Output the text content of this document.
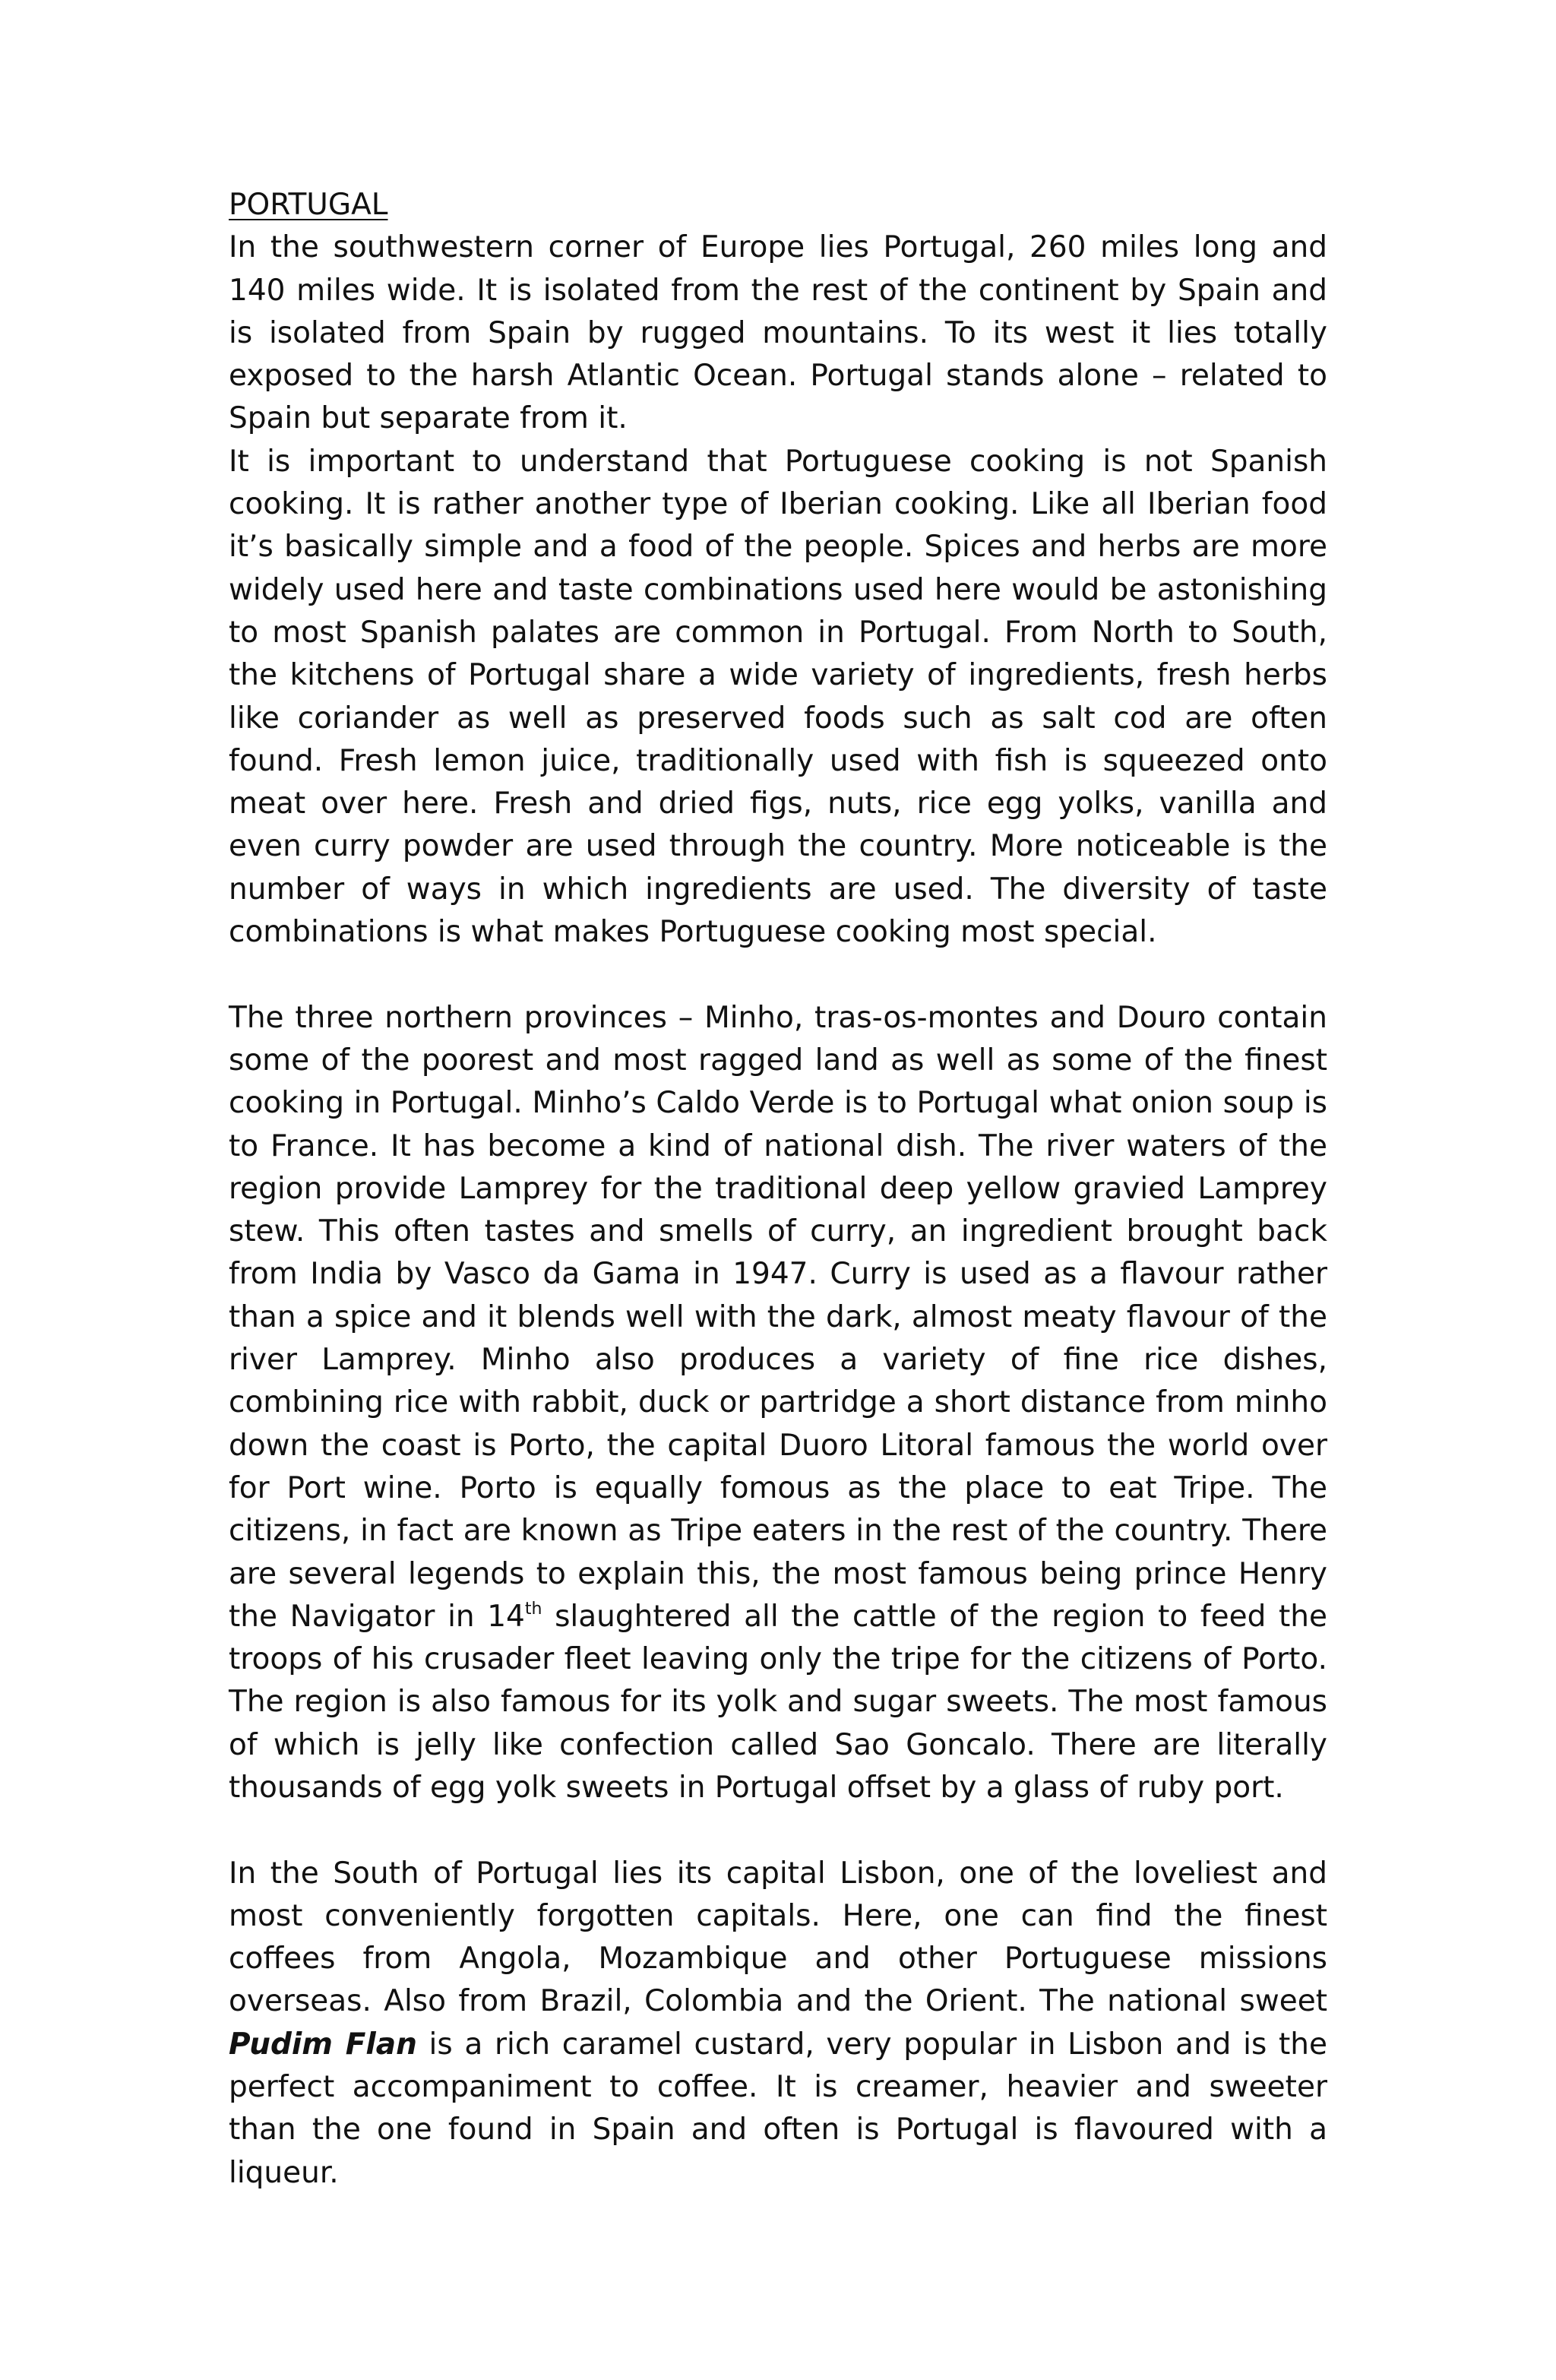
PORTUGAL

In the southwestern corner of Europe lies Portugal, 260 miles long and 140 miles wide. It is isolated from the rest of the continent by Spain and is isolated from Spain by rugged mountains. To its west it lies totally exposed to the harsh Atlantic Ocean. Portugal stands alone – related to Spain but separate from it.

It is important to understand that Portuguese cooking is not Spanish cooking. It is rather another type of Iberian cooking. Like all Iberian food it’s basically simple and a food of the people. Spices and herbs are more widely used here and taste combinations used here would be astonishing to most Spanish palates are common in Portugal. From North to South, the kitchens of Portugal share a wide variety of ingredients, fresh herbs like coriander as well as preserved foods such as salt cod are often found. Fresh lemon juice, traditionally used with fish is squeezed onto meat over here. Fresh and dried figs, nuts, rice egg yolks, vanilla and even curry powder are used through the country. More noticeable is the number of ways in which ingredients are used. The diversity of taste combinations is what makes Portuguese cooking most special.

The three northern provinces – Minho, tras-os-montes and Douro contain some of the poorest and most ragged land as well as some of the finest cooking in Portugal. Minho’s Caldo Verde is to Portugal what onion soup is to France. It has become a kind of national dish. The river waters of the region provide Lamprey for the traditional deep yellow gravied Lamprey stew. This often tastes and smells of curry, an ingredient brought back from India by Vasco da Gama in 1947. Curry is used as a flavour rather than a spice and it blends well with the dark, almost meaty flavour of the river Lamprey. Minho also produces a variety of fine rice dishes, combining rice with rabbit, duck or partridge a short distance from minho down the coast is Porto, the capital Duoro Litoral famous the world over for Port wine. Porto is equally fomous as the place to eat Tripe. The citizens, in fact are known as Tripe eaters in the rest of the country. There are several legends to explain this, the most famous being prince Henry the Navigator in 14th slaughtered all the cattle of the region to feed the troops of his crusader fleet leaving only the tripe for the citizens of Porto. The region is also famous for its yolk and sugar sweets. The most famous of which is jelly like confection called Sao Goncalo. There are literally thousands of egg yolk sweets in Portugal offset by a glass of ruby port.

In the South of Portugal lies its capital Lisbon, one of the loveliest and most conveniently forgotten capitals. Here, one can find the finest coffees from Angola, Mozambique and other Portuguese missions overseas. Also from Brazil, Colombia and the Orient. The national sweet Pudim Flan is a rich caramel custard, very popular in Lisbon and is the perfect accompaniment to coffee. It is creamer, heavier and sweeter than the one found in Spain and often is Portugal is flavoured with a liqueur.
